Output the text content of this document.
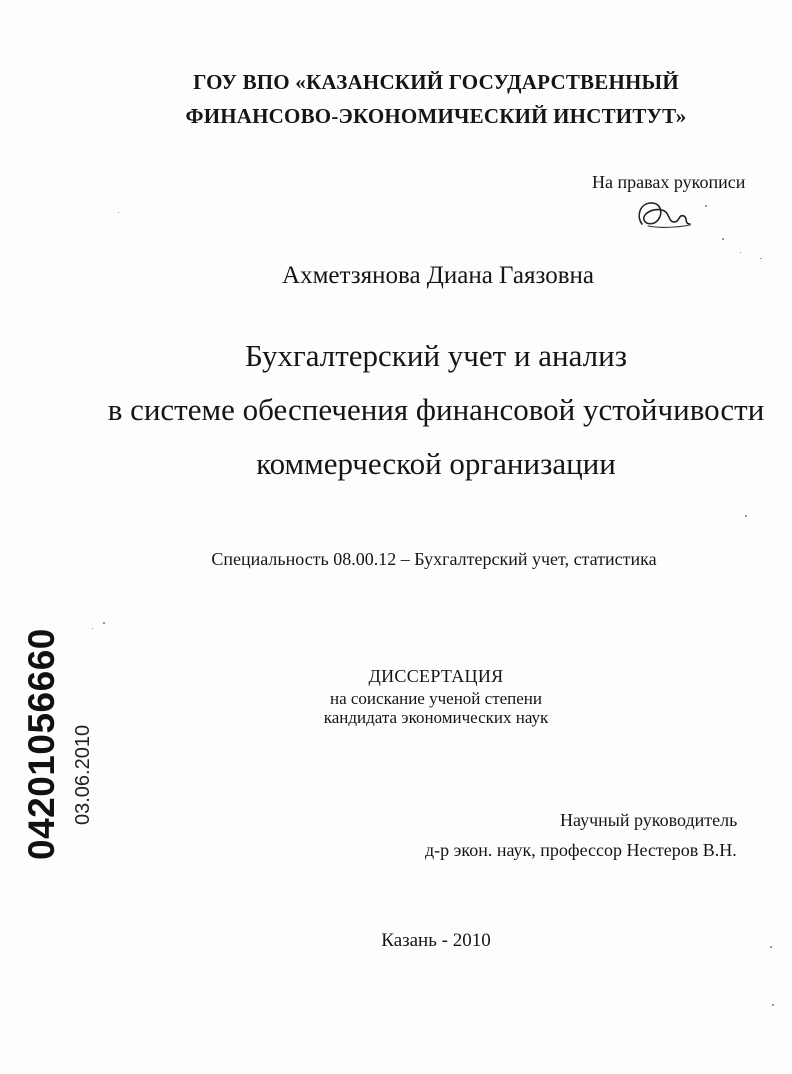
ГОУ ВПО «КАЗАНСКИЙ ГОСУДАРСТВЕННЫЙ
ФИНАНСОВО-ЭКОНОМИЧЕСКИЙ ИНСТИТУТ»
На правах рукописи
Ахметзянова Диана Гаязовна
Бухгалтерский учет и анализ
в системе обеспечения финансовой устойчивости
коммерческой организации
Специальность 08.00.12 – Бухгалтерский учет, статистика
ДИССЕРТАЦИЯ
на соискание ученой степени
кандидата экономических наук
Научный руководитель
д-р экон. наук, профессор Нестеров В.Н.
Казань - 2010
04201056660 03.06.2010
